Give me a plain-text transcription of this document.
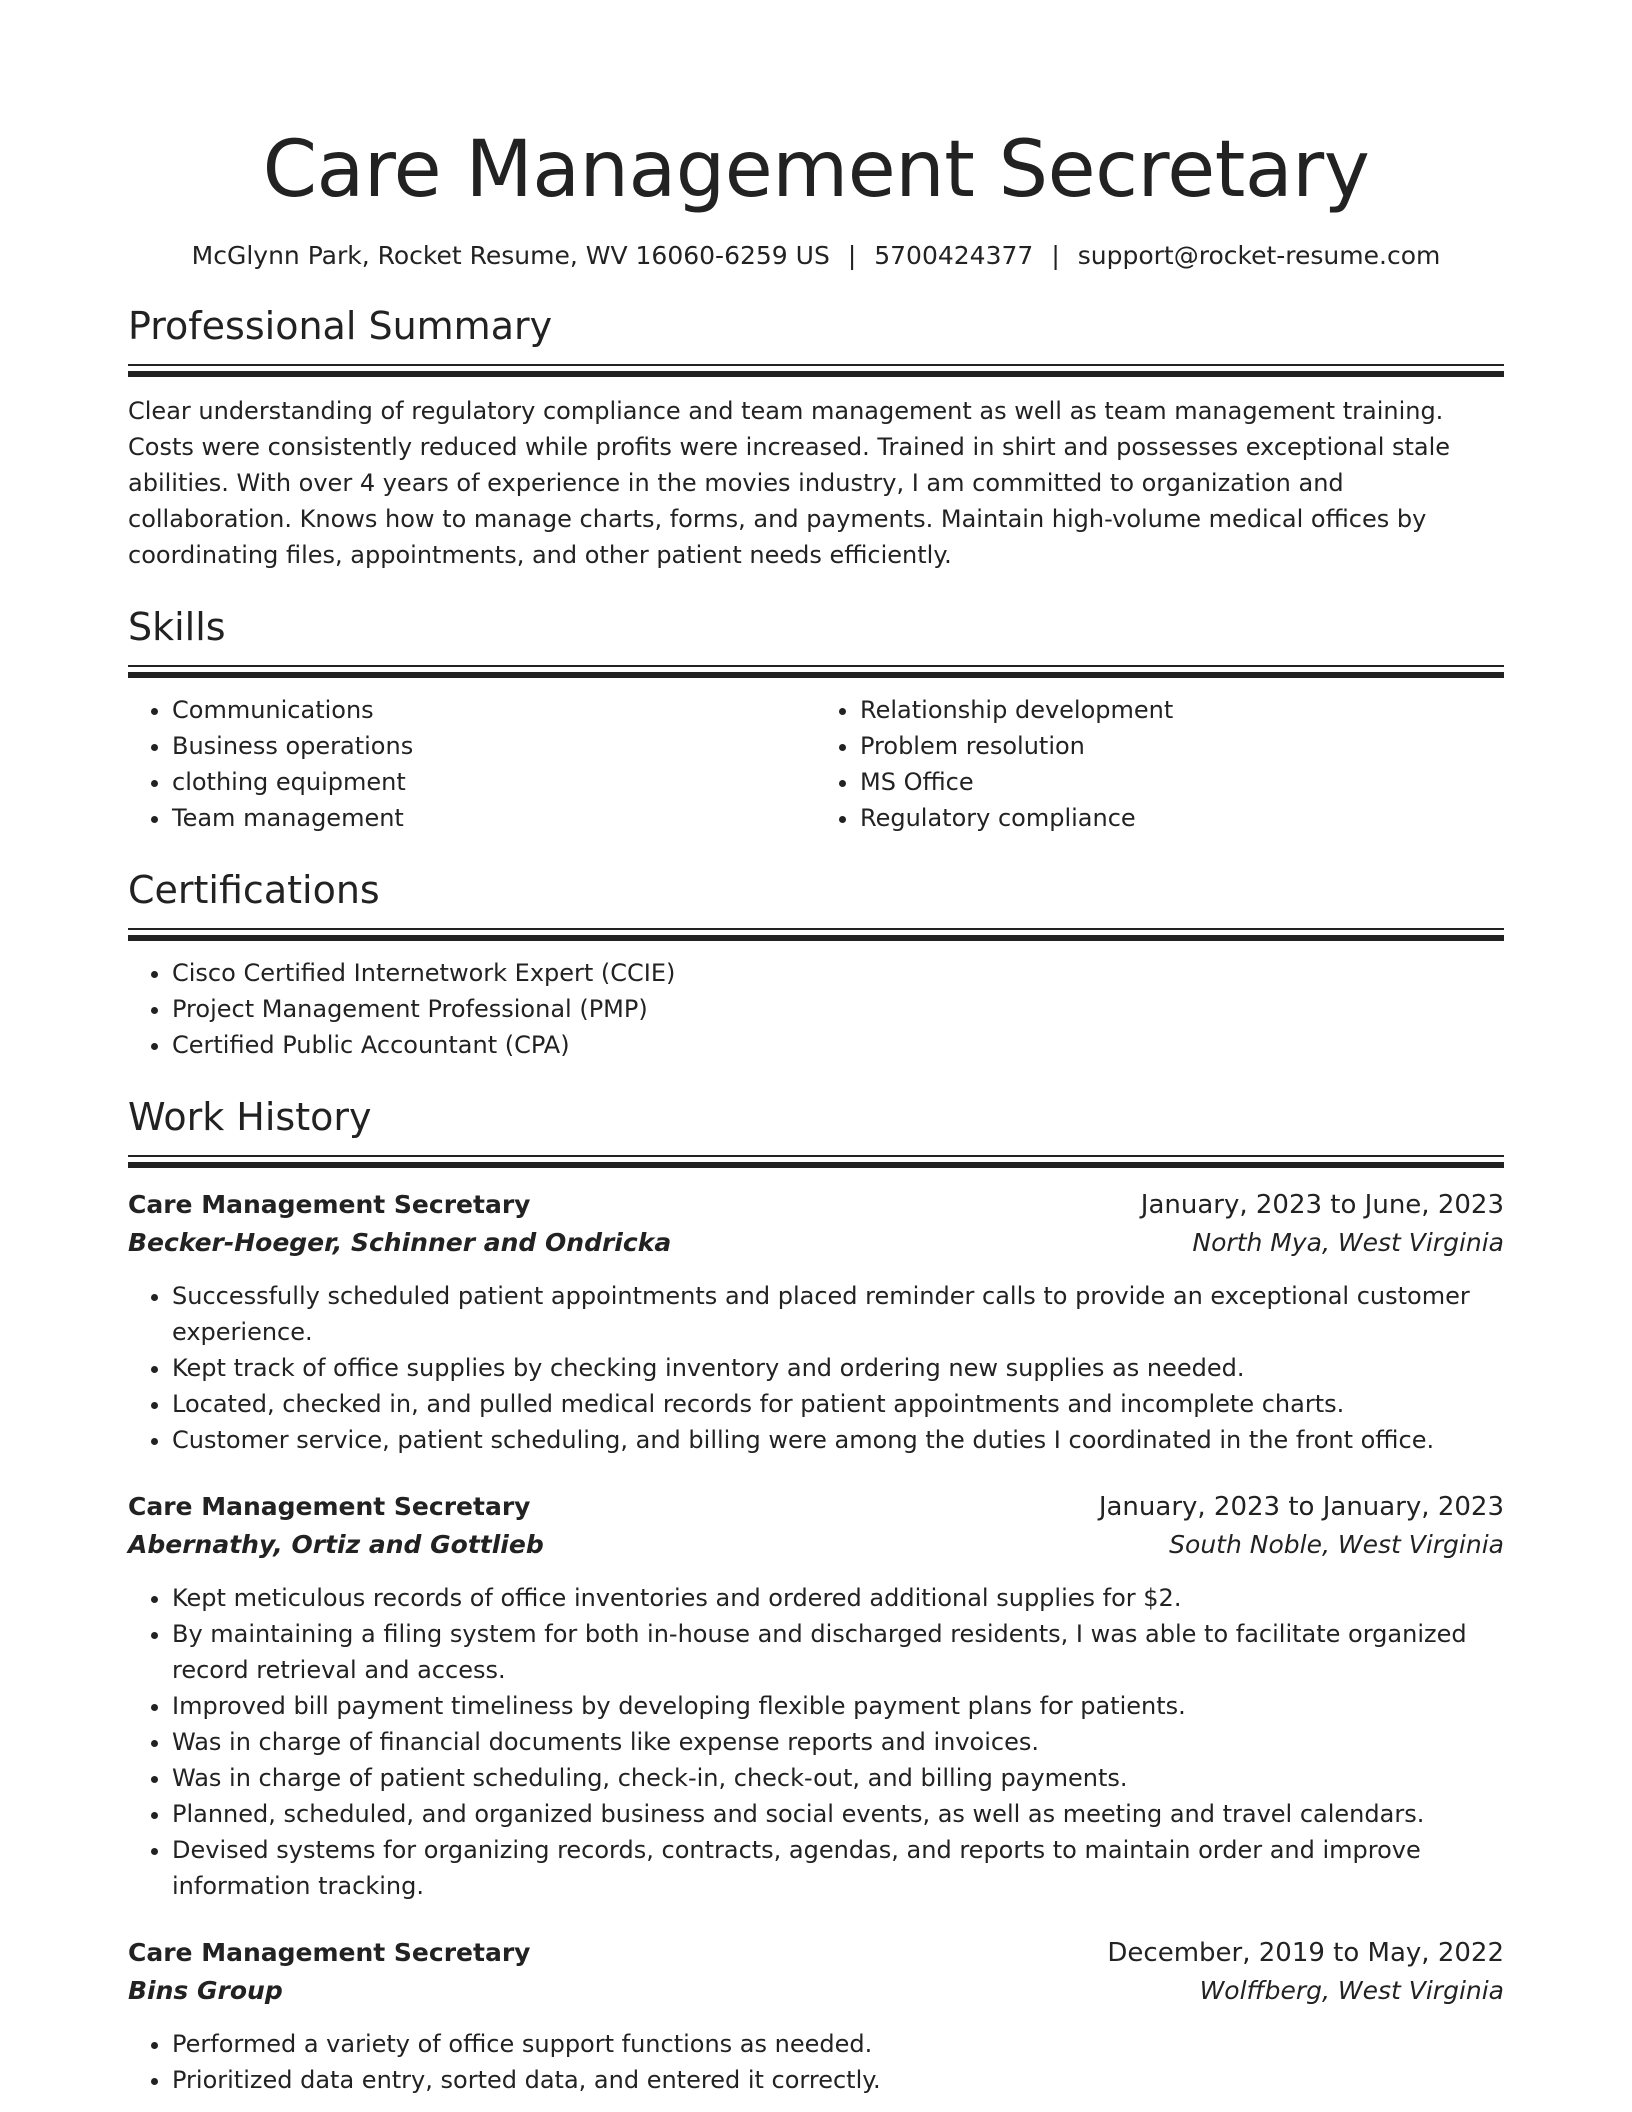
Care Management Secretary
McGlynn Park, Rocket Resume, WV 16060-6259 US | 5700424377 | support@rocket-resume.com
Professional Summary

Clear understanding of regulatory compliance and team management as well as team management training. Costs were consistently reduced while profits were increased. Trained in shirt and possesses exceptional stale abilities. With over 4 years of experience in the movies industry, I am committed to organization and collaboration. Knows how to manage charts, forms, and payments. Maintain high-volume medical offices by coordinating files, appointments, and other patient needs efficiently.

Skills
• Communications
• Business operations
• clothing equipment
• Team management
• Relationship development
• Problem resolution
• MS Office
• Regulatory compliance
Certifications
• Cisco Certified Internetwork Expert (CCIE)
• Project Management Professional (PMP)
• Certified Public Accountant (CPA)
Work History
Care Management Secretary	January, 2023 to June, 2023
Becker-Hoeger, Schinner and Ondricka	North Mya, West Virginia
• Successfully scheduled patient appointments and placed reminder calls to provide an exceptional customer experience.
• Kept track of office supplies by checking inventory and ordering new supplies as needed.
• Located, checked in, and pulled medical records for patient appointments and incomplete charts.
• Customer service, patient scheduling, and billing were among the duties I coordinated in the front office.
Care Management Secretary	January, 2023 to January, 2023
Abernathy, Ortiz and Gottlieb	South Noble, West Virginia
• Kept meticulous records of office inventories and ordered additional supplies for $2.
• By maintaining a filing system for both in-house and discharged residents, I was able to facilitate organized record retrieval and access.
• Improved bill payment timeliness by developing flexible payment plans for patients.
• Was in charge of financial documents like expense reports and invoices.
• Was in charge of patient scheduling, check-in, check-out, and billing payments.
• Planned, scheduled, and organized business and social events, as well as meeting and travel calendars.
• Devised systems for organizing records, contracts, agendas, and reports to maintain order and improve information tracking.
Care Management Secretary	December, 2019 to May, 2022
Bins Group	Wolffberg, West Virginia
• Performed a variety of office support functions as needed.
• Prioritized data entry, sorted data, and entered it correctly.
